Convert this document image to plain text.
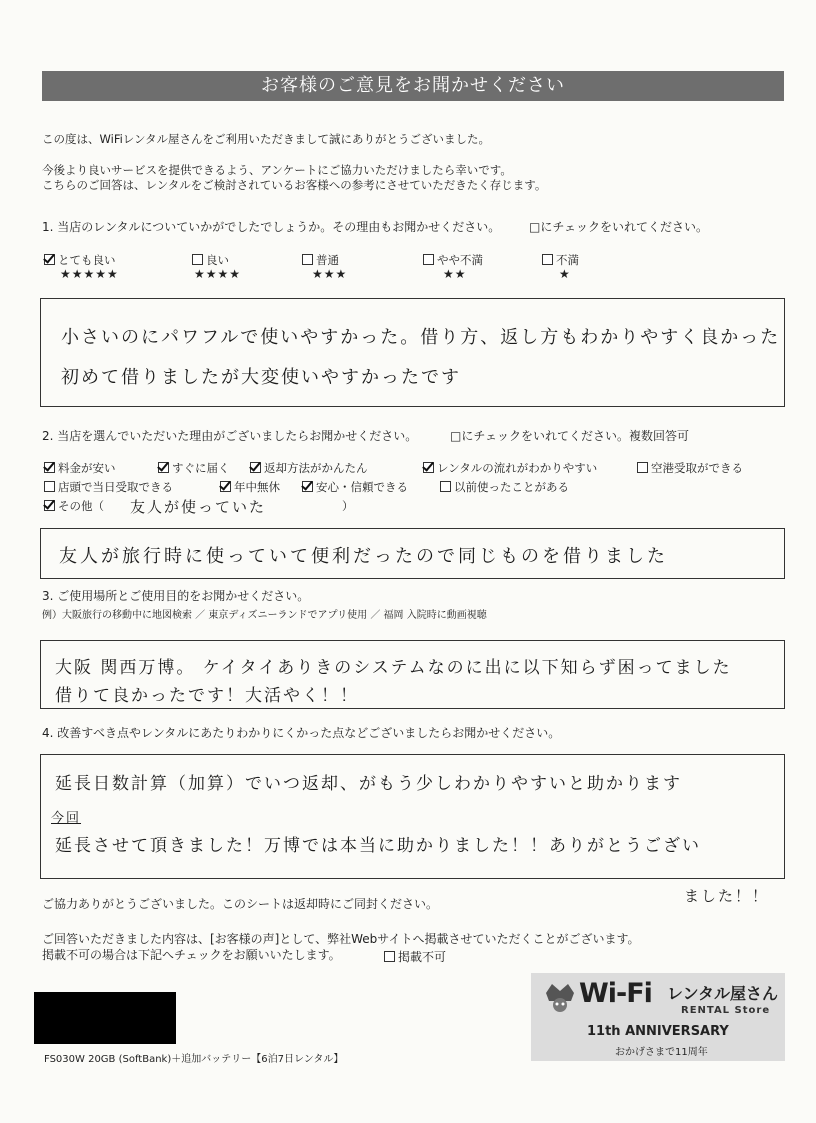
お客様のご意見をお聞かせください
この度は、WiFiレンタル屋さんをご利用いただきまして誠にありがとうございました。
今後より良いサービスを提供できるよう、アンケートにご協力いただけましたら幸いです。
こちらのご回答は、レンタルをご検討されているお客様への参考にさせていただきたく存じます。
1. 当店のレンタルについていかがでしたでしょうか。その理由もお聞かせください。 □にチェックをいれてください。
とても良い
★★★★★
良い
★★★★
普通
★★★
やや不満
★★
不満
★
小さいのにパワフルで使いやすかった。借り方、返し方もわかりやすく良かった
初めて借りましたが大変使いやすかったです
2. 当店を選んでいただいた理由がございましたらお聞かせください。	□にチェックをいれてください。複数回答可
料金が安い	すぐに届く	返却方法がかんたん	レンタルの流れがわかりやすい	空港受取ができる
店頭で当日受取できる	年中無休	安心・信頼できる	以前使ったことがある
その他（ 友人が使っていた	）
友人が旅行時に使っていて便利だったので同じものを借りました
3. ご使用場所とご使用目的をお聞かせください。
例）大阪旅行の移動中に地図検索 ／ 東京ディズニーランドでアプリ使用 ／ 福岡 入院時に動画視聴
大阪 関西万博。 ケイタイありきのシステムなのに出に以下知らず困ってました
借りて良かったです！大活やく！！
4. 改善すべき点やレンタルにあたりわかりにくかった点などございましたらお聞かせください。
延長日数計算（加算）でいつ返却、がもう少しわかりやすいと助かります
今回
延長させて頂きました！万博では本当に助かりました！！ありがとうござい
ました！！
ご協力ありがとうございました。このシートは返却時にご同封ください。
ご回答いただきました内容は、[お客様の声]として、弊社Webサイトへ掲載させていただくことがございます。
掲載不可の場合は下記へチェックをお願いいたします。	掲載不可
FS030W 20GB (SoftBank)＋追加バッテリー【6泊7日レンタル】
Wi-Fi レンタル屋さん
RENTAL Store
11th ANNIVERSARY
おかげさまで11周年
